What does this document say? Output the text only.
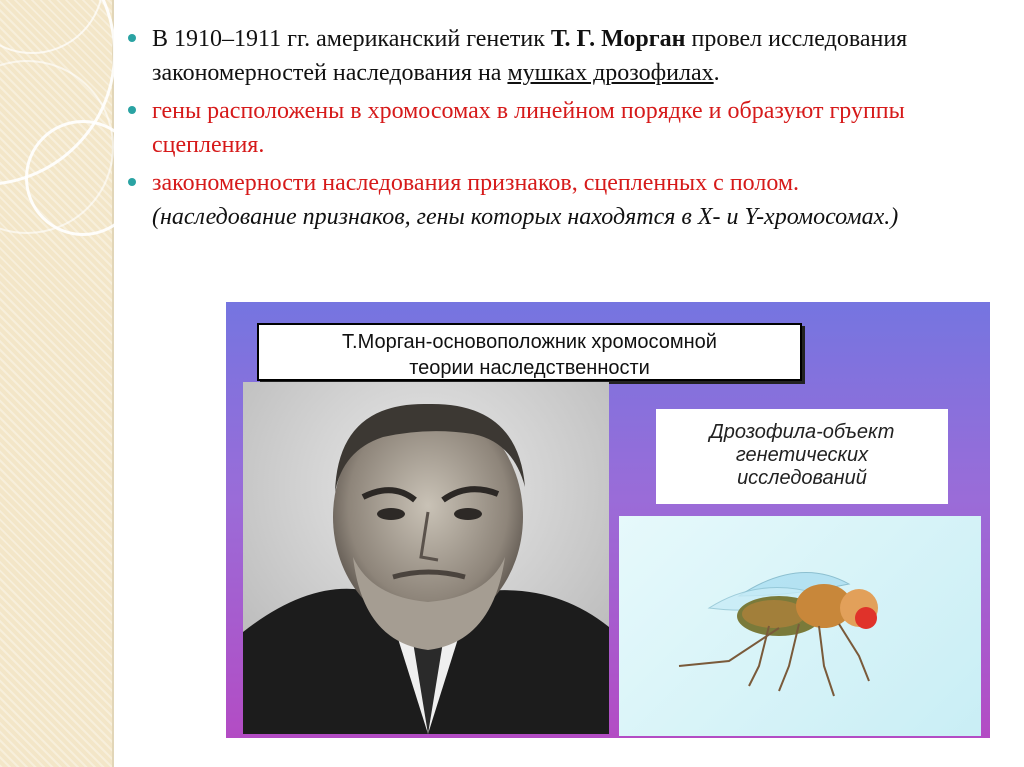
В 1910–1911 гг. американский генетик Т. Г. Морган провел исследования закономерностей наследования на мушках дрозофилах.
гены расположены в хромосомах в линейном порядке и образуют группы сцепления.
закономерности наследования признаков, сцепленных с полом.
(наследование признаков, гены которых находятся в X- и Y-хромосомах.)
Т.Морган-основоположник хромосомной
теории наследственности
Дрозофила-объект
генетических
исследований
